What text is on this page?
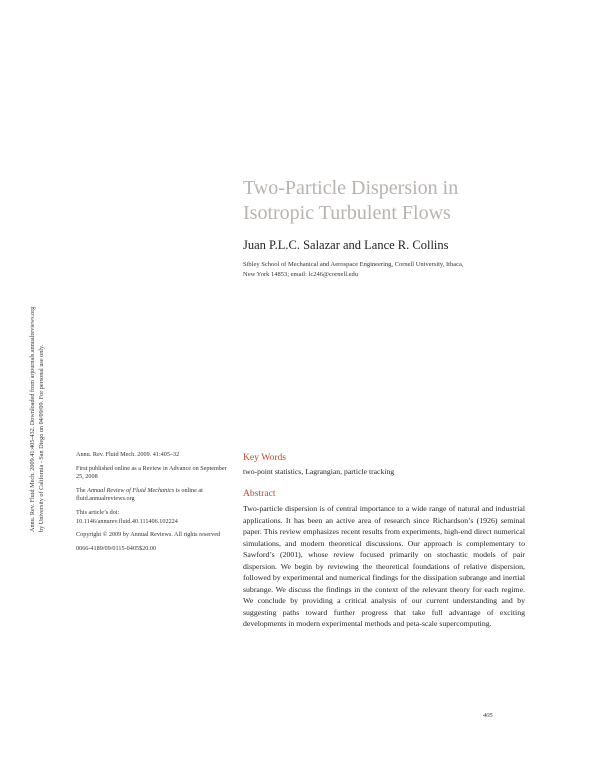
Annu. Rev. Fluid Mech. 2009.41:405-432. Downloaded from arjournals.annualreviews.org by University of California - San Diego on 04/09/09. For personal use only.
Two-Particle Dispersion in
Isotropic Turbulent Flows
Juan P.L.C. Salazar and Lance R. Collins
Sibley School of Mechanical and Aerospace Engineering, Cornell University, Ithaca,
New York 14853; email: lc246@cornell.edu

Annu. Rev. Fluid Mech. 2009. 41:405–32

First published online as a Review in Advance on September 25, 2008

The Annual Review of Fluid Mechanics is online at fluid.annualreviews.org

This article’s doi:
10.1146/annurev.fluid.40.111406.102224

Copyright © 2009 by Annual Reviews. All rights reserved

0066-4189/09/0115-0405$20.00

Key Words
two-point statistics, Lagrangian, particle tracking
Abstract

Two-particle dispersion is of central importance to a wide range of natural and industrial applications. It has been an active area of research since Richardson’s (1926) seminal paper. This review emphasizes recent results from experiments, high-end direct numerical simulations, and modern theoretical discussions. Our approach is complementary to Sawford’s (2001), whose review focused primarily on stochastic models of pair dispersion. We begin by reviewing the theoretical foundations of relative dispersion, followed by experimental and numerical findings for the dissipation subrange and inertial subrange. We discuss the findings in the context of the relevant theory for each regime. We conclude by providing a critical analysis of our current understanding and by suggesting paths toward further progress that take full advantage of exciting developments in modern experimental methods and peta-scale supercomputing.

405
